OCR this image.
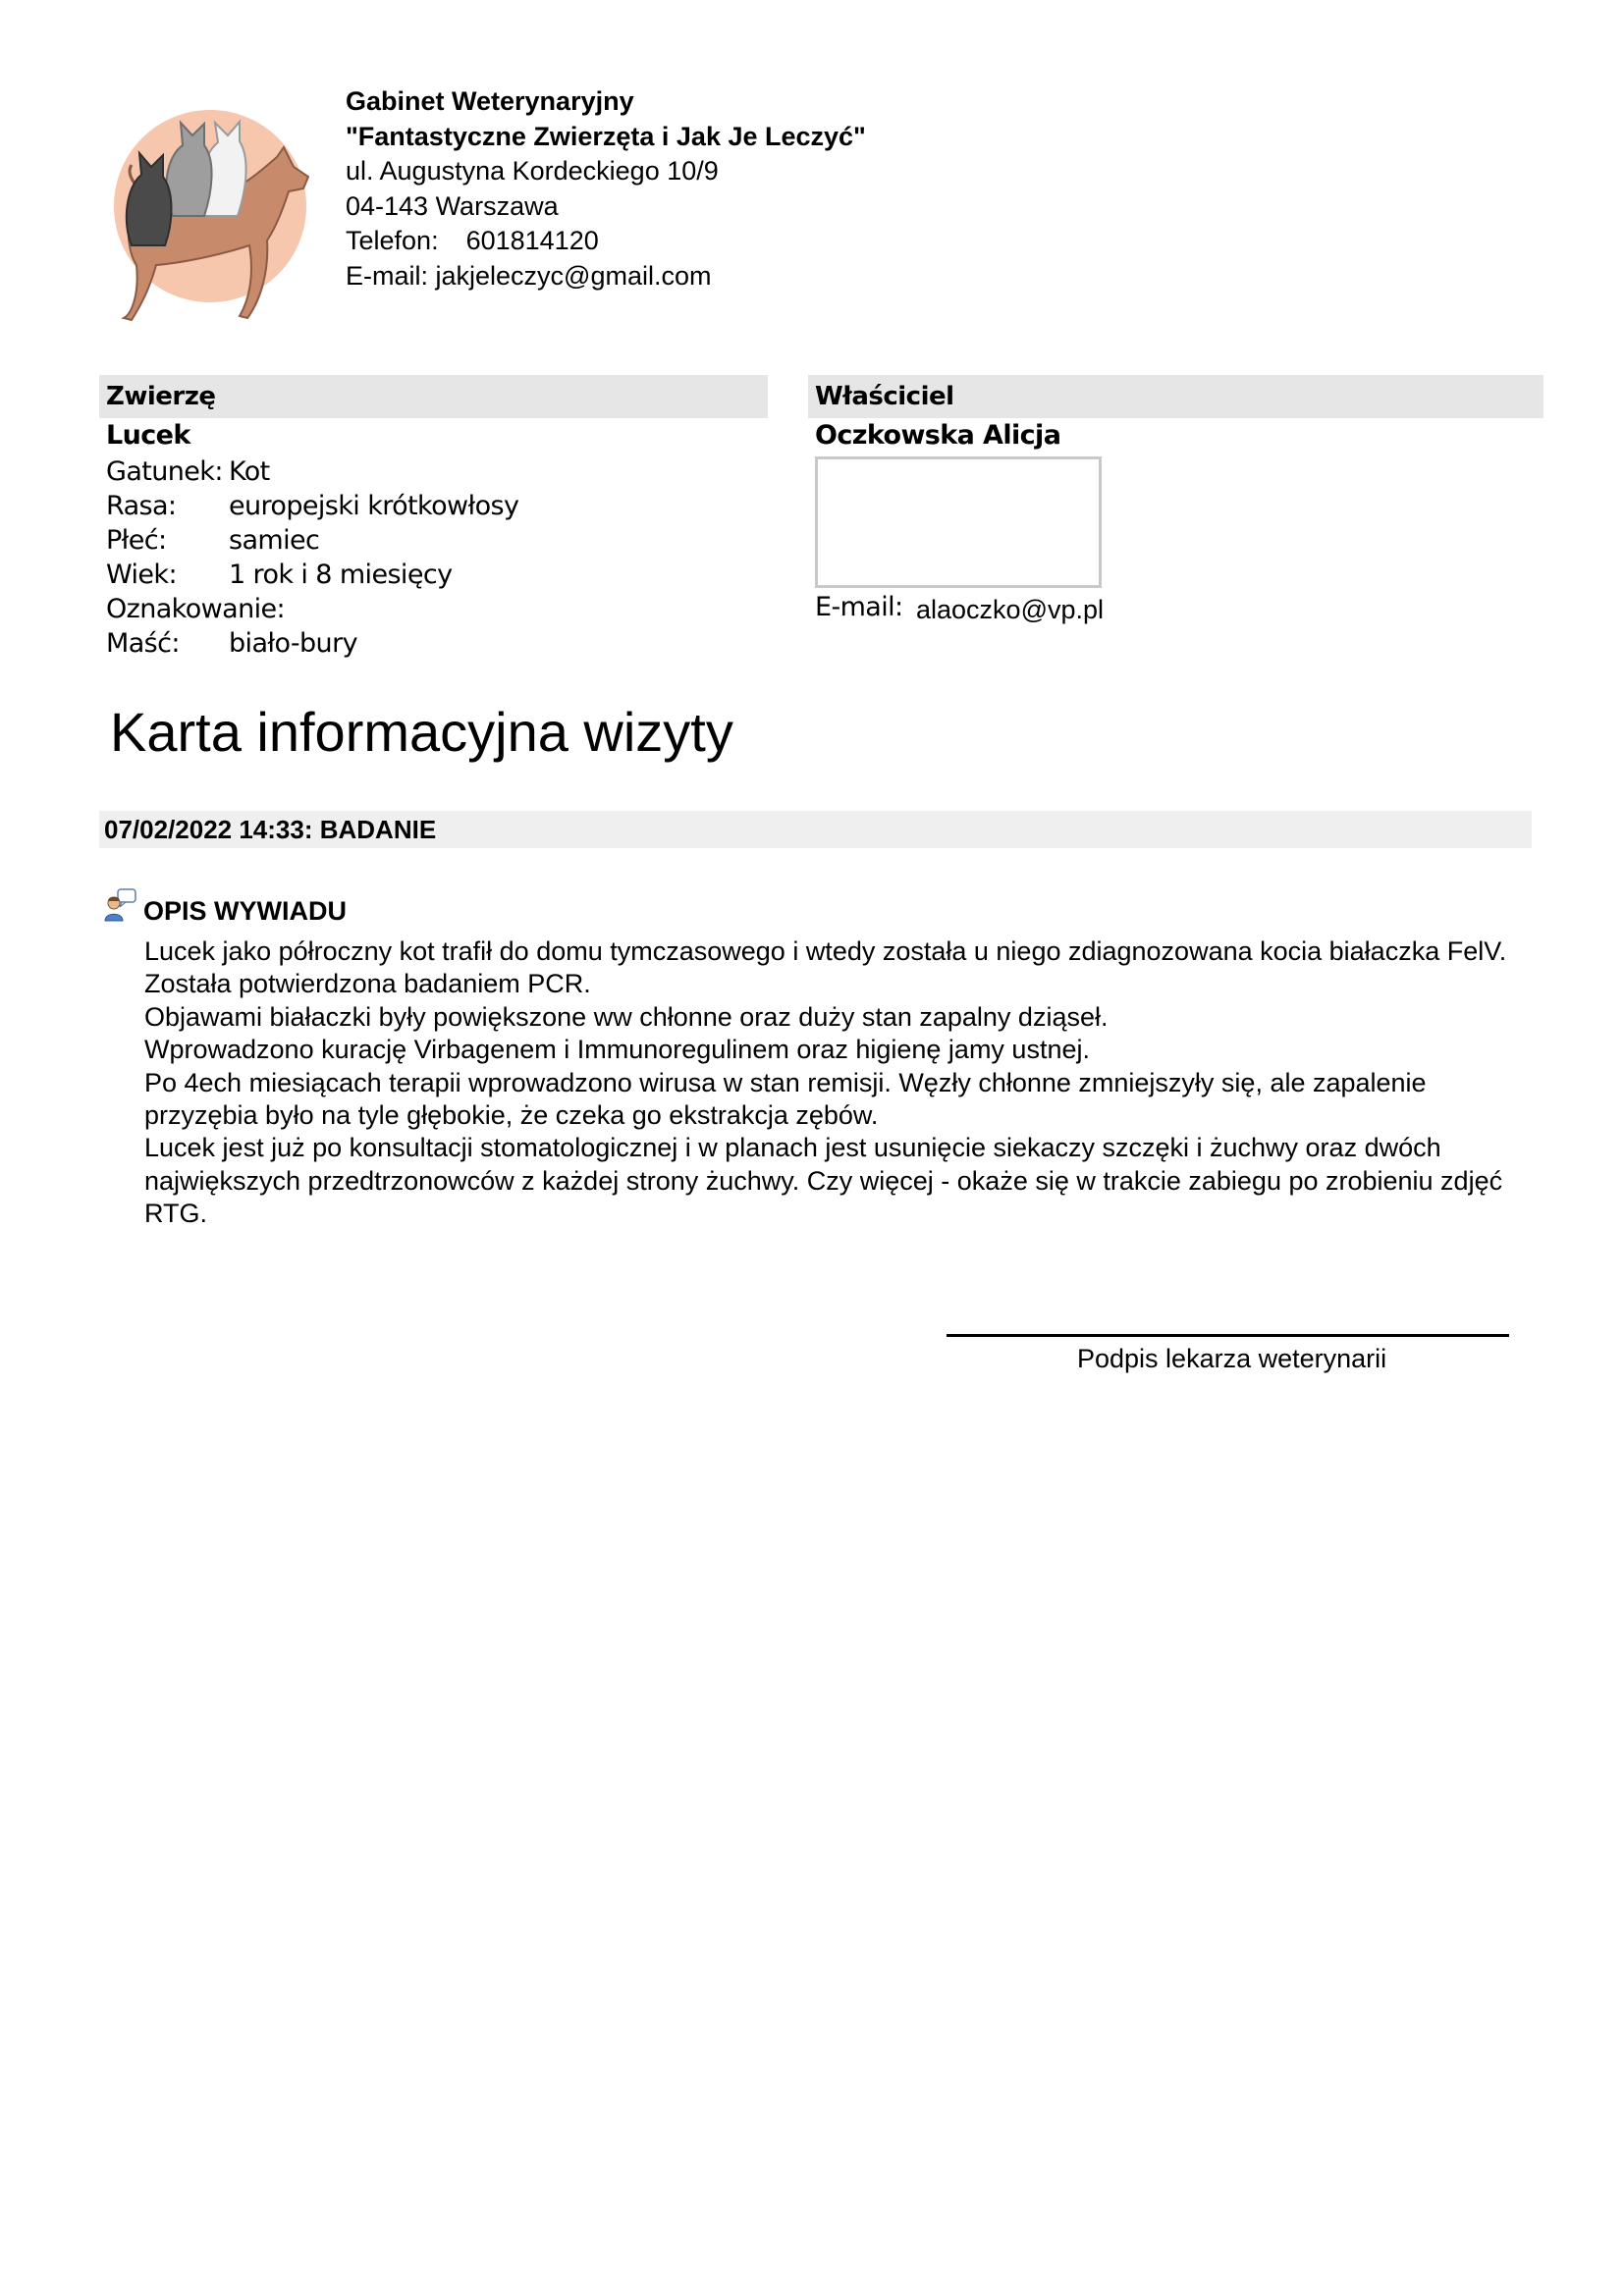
Gabinet Weterynaryjny
"Fantastyczne Zwierzęta i Jak Je Leczyć"
ul. Augustyna Kordeckiego 10/9
04-143 Warszawa
Telefon: 601814120
E-mail: jakjeleczyc@gmail.com
Zwierzę
Lucek
Gatunek:	Kot
Rasa:	europejski krótkowłosy
Płeć:	samiec
Wiek:	1 rok i 8 miesięcy
Oznakowanie:	
Maść:	biało-bury
Właściciel
Oczkowska Alicja
E-mail: alaoczko@vp.pl
Karta informacyjna wizyty
07/02/2022 14:33: BADANIE
OPIS WYWIADU

Lucek jako półroczny kot trafił do domu tymczasowego i wtedy została u niego zdiagnozowana kocia białaczka FelV. Została potwierdzona badaniem PCR.

Objawami białaczki były powiększone ww chłonne oraz duży stan zapalny dziąseł.

Wprowadzono kurację Virbagenem i Immunoregulinem oraz higienę jamy ustnej.

Po 4ech miesiącach terapii wprowadzono wirusa w stan remisji. Węzły chłonne zmniejszyły się, ale zapalenie przyzębia było na tyle głębokie, że czeka go ekstrakcja zębów.

Lucek jest już po konsultacji stomatologicznej i w planach jest usunięcie siekaczy szczęki i żuchwy oraz dwóch największych przedtrzonowców z każdej strony żuchwy. Czy więcej - okaże się w trakcie zabiegu po zrobieniu zdjęć RTG.

Podpis lekarza weterynarii
